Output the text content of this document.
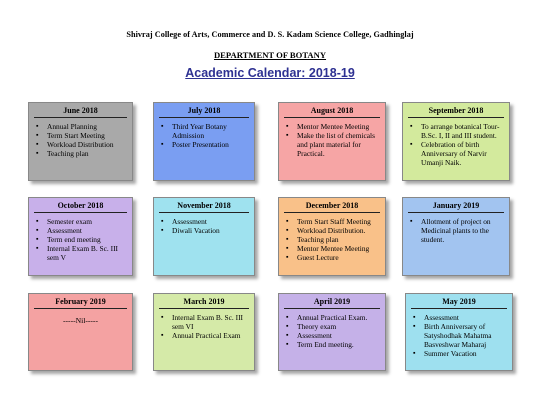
Shivraj College of Arts, Commerce and D. S. Kadam Science College, Gadhinglaj
DEPARTMENT OF BOTANY
Academic Calendar: 2018-19
June 2018
▪ Annual Planning
▪ Term Start Meeting
▪ Workload Distribution
▪ Teaching plan
July 2018
▪ Third Year Botany Admission
▪ Poster Presentation
August 2018
▪ Mentor Mentee Meeting
▪ Make the list of chemicals and plant material for Practical.
September 2018
▪ To arrange botanical Tour- B.Sc. I, II and III student.
▪ Celebration of birth Anniversary of Narvir Umanji Naik.
October 2018
▪ Semester exam
▪ Assessment
▪ Term end meeting
▪ Internal Exam B. Sc. III sem V
November 2018
▪ Assessment
▪ Diwali Vacation
December 2018
▪ Term Start Staff Meeting
▪ Workload Distribution.
▪ Teaching plan
▪ Mentor Mentee Meeting
▪ Guest Lecture
January 2019
▪ Allotment of project on Medicinal plants to the student.
February 2019
-----Nil-----
March 2019
▪ Internal Exam B. Sc. III sem VI
▪ Annual Practical Exam
April 2019
▪ Annual Practical Exam.
▪ Theory exam
▪ Assessment
▪ Term End meeting.
May 2019
▪ Assessment
▪ Birth Anniversary of Satyshodhak Mahatma Basveshwar Maharaj
▪ Summer Vacation
